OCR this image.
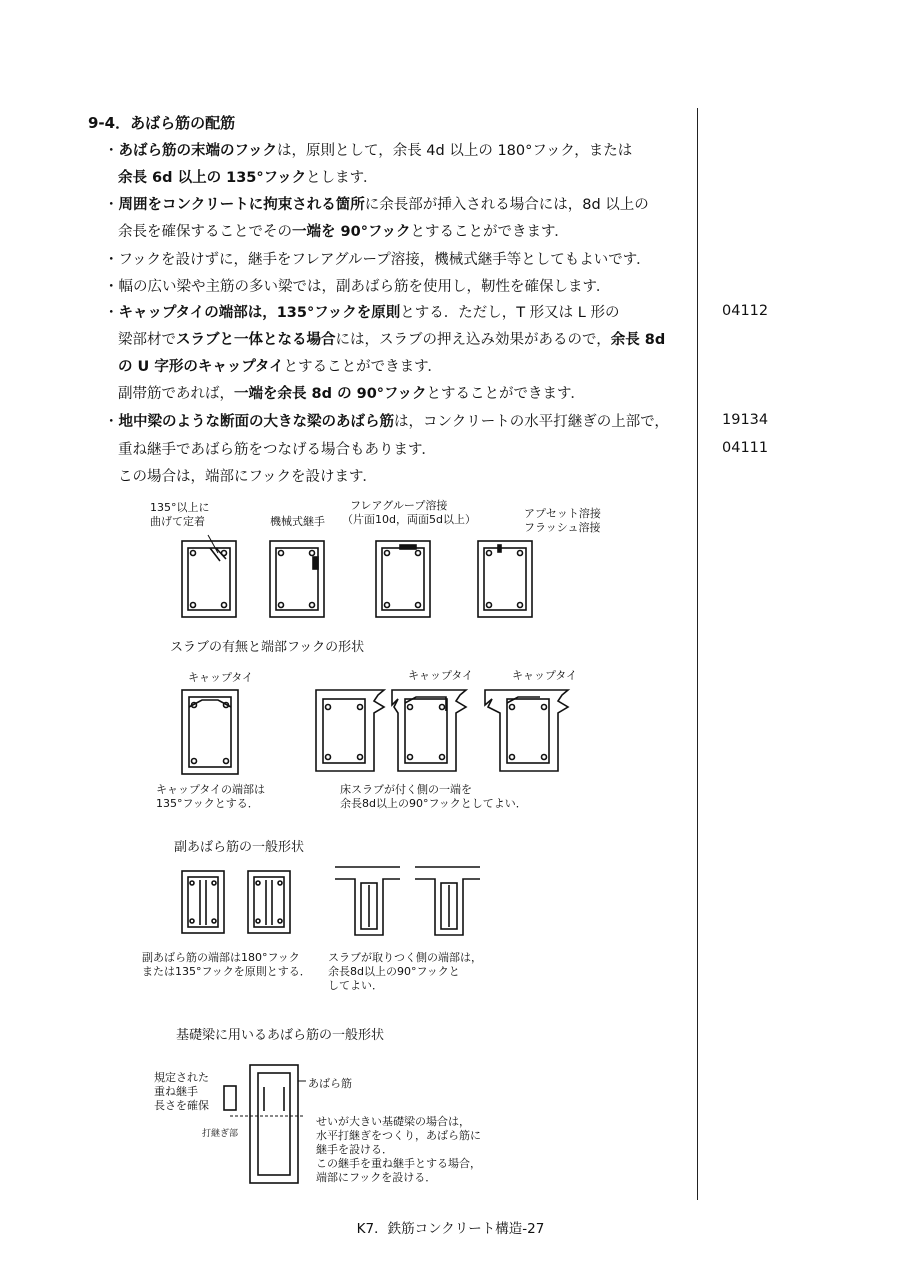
9-4．あばら筋の配筋
・あばら筋の末端のフックは，原則として，余長 4d 以上の 180°フック，または
余長 6d 以上の 135°フックとします．
・周囲をコンクリートに拘束される箇所に余長部が挿入される場合には，8d 以上の
余長を確保することでその一端を 90°フックとすることができます．
・フックを設けずに，継手をフレアグループ溶接，機械式継手等としてもよいです．
・幅の広い梁や主筋の多い梁では，副あばら筋を使用し，靭性を確保します．
・キャップタイの端部は，135°フックを原則とする．ただし，T 形又は L 形の
梁部材でスラブと一体となる場合には，スラブの押え込み効果があるので，余長 8d
の U 字形のキャップタイとすることができます．
副帯筋であれば，一端を余長 8d の 90°フックとすることができます．
・地中梁のような断面の大きな梁のあばら筋は，コンクリートの水平打継ぎの上部で，
重ね継手であばら筋をつなげる場合もあります．
この場合は，端部にフックを設けます．
04112
19134
04111
135°以上に
曲げて定着	機械式継手
フレアグループ溶接
（片面10d，両面5d以上）	アプセット溶接
フラッシュ溶接
スラブの有無と端部フックの形状
キャップタイ	キャップタイ	キャップタイ
キャップタイの端部は
135°フックとする．
床スラブが付く側の一端を
余長8d以上の90°フックとしてよい．
副あばら筋の一般形状
副あばら筋の端部は180°フック
または135°フックを原則とする．
スラブが取りつく側の端部は，
余長8d以上の90°フックと
してよい．
基礎梁に用いるあばら筋の一般形状
規定された
重ね継手
長さを確保
打継ぎ部
あばら筋
せいが大きい基礎梁の場合は，
水平打継ぎをつくり，あばら筋に
継手を設ける．
この継手を重ね継手とする場合，
端部にフックを設ける．
K7．鉄筋コンクリート構造-27
